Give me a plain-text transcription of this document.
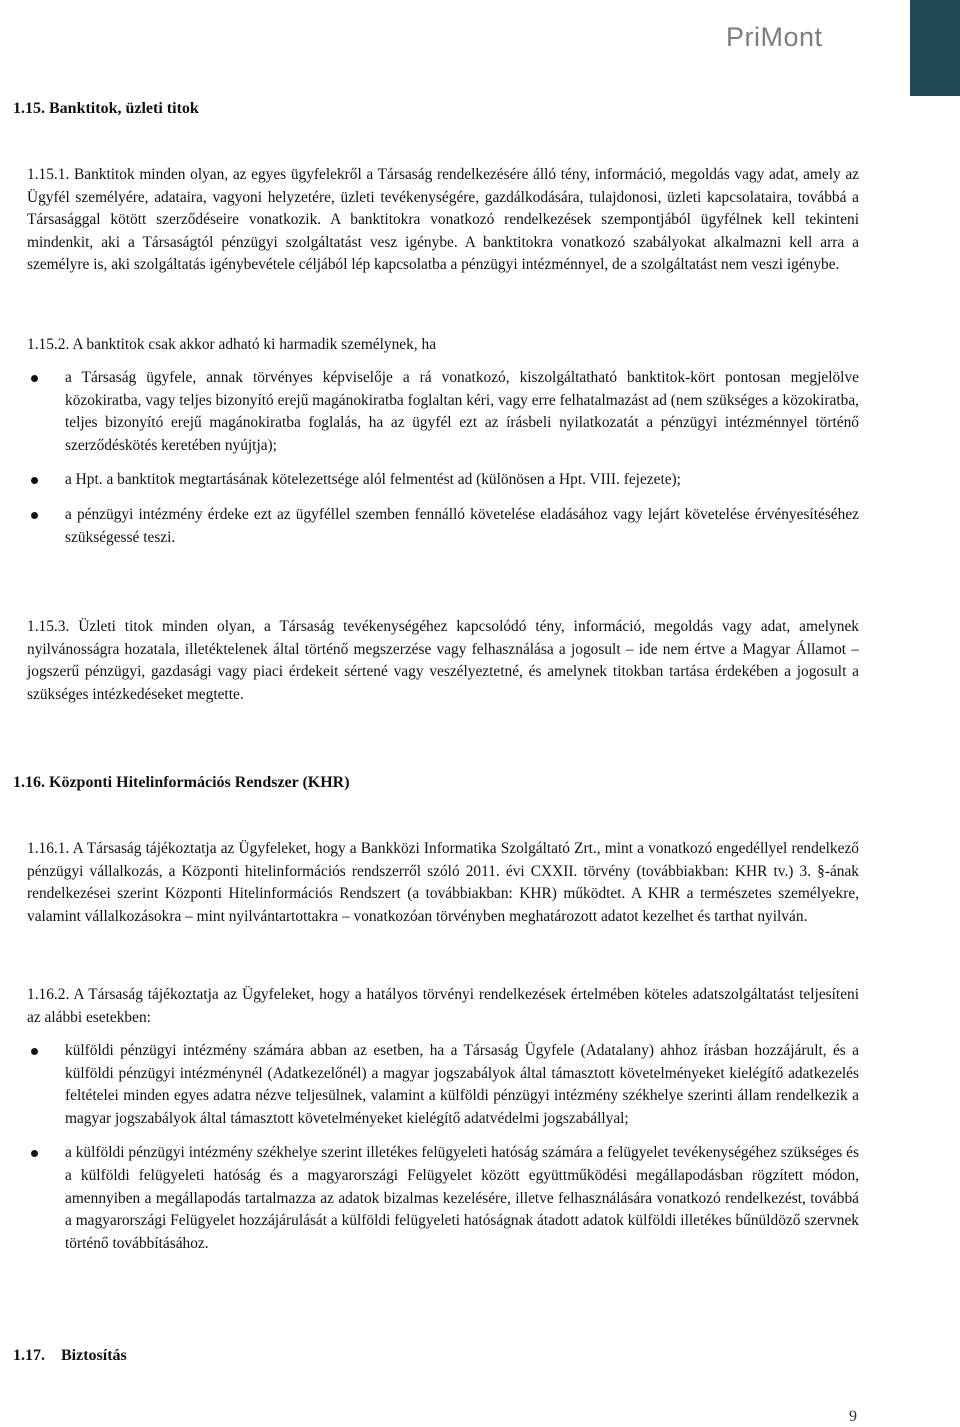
PriMont
1.15. Banktitok, üzleti titok

1.15.1. Banktitok minden olyan, az egyes ügyfelekről a Társaság rendelkezésére álló tény, információ, megoldás vagy adat, amely az Ügyfél személyére, adataira, vagyoni helyzetére, üzleti tevékenységére, gazdálkodására, tulajdonosi, üzleti kapcsolataira, továbbá a Társasággal kötött szerződéseire vonatkozik. A banktitokra vonatkozó rendelkezések szempontjából ügyfélnek kell tekinteni mindenkit, aki a Társaságtól pénzügyi szolgáltatást vesz igénybe. A banktitokra vonatkozó szabályokat alkalmazni kell arra a személyre is, aki szolgáltatás igénybevétele céljából lép kapcsolatba a pénzügyi intézménnyel, de a szolgáltatást nem veszi igénybe.

1.15.2. A banktitok csak akkor adható ki harmadik személynek, ha

a Társaság ügyfele, annak törvényes képviselője a rá vonatkozó, kiszolgáltatható banktitok-kört pontosan megjelölve közokiratba, vagy teljes bizonyító erejű magánokiratba foglaltan kéri, vagy erre felhatalmazást ad (nem szükséges a közokiratba, teljes bizonyító erejű magánokiratba foglalás, ha az ügyfél ezt az írásbeli nyilatkozatát a pénzügyi intézménnyel történő szerződéskötés keretében nyújtja);
a Hpt. a banktitok megtartásának kötelezettsége alól felmentést ad (különösen a Hpt. VIII. fejezete);
a pénzügyi intézmény érdeke ezt az ügyféllel szemben fennálló követelése eladásához vagy lejárt követelése érvényesítéséhez szükségessé teszi.

1.15.3. Üzleti titok minden olyan, a Társaság tevékenységéhez kapcsolódó tény, információ, megoldás vagy adat, amelynek nyilvánosságra hozatala, illetéktelenek által történő megszerzése vagy felhasználása a jogosult – ide nem értve a Magyar Államot – jogszerű pénzügyi, gazdasági vagy piaci érdekeit sértené vagy veszélyeztetné, és amelynek titokban tartása érdekében a jogosult a szükséges intézkedéseket megtette.

1.16. Központi Hitelinformációs Rendszer (KHR)

1.16.1. A Társaság tájékoztatja az Ügyfeleket, hogy a Bankközi Informatika Szolgáltató Zrt., mint a vonatkozó engedéllyel rendelkező pénzügyi vállalkozás, a Központi hitelinformációs rendszerről szóló 2011. évi CXXII. törvény (továbbiakban: KHR tv.) 3. §-ának rendelkezései szerint Központi Hitelinformációs Rendszert (a továbbiakban: KHR) működtet. A KHR a természetes személyekre, valamint vállalkozásokra – mint nyilvántartottakra – vonatkozóan törvényben meghatározott adatot kezelhet és tarthat nyilván.

1.16.2. A Társaság tájékoztatja az Ügyfeleket, hogy a hatályos törvényi rendelkezések értelmében köteles adatszolgáltatást teljesíteni az alábbi esetekben:

külföldi pénzügyi intézmény számára abban az esetben, ha a Társaság Ügyfele (Adatalany) ahhoz írásban hozzájárult, és a külföldi pénzügyi intézménynél (Adatkezelőnél) a magyar jogszabályok által támasztott követelményeket kielégítő adatkezelés feltételei minden egyes adatra nézve teljesülnek, valamint a külföldi pénzügyi intézmény székhelye szerinti állam rendelkezik a magyar jogszabályok által támasztott követelményeket kielégítő adatvédelmi jogszabállyal;
a külföldi pénzügyi intézmény székhelye szerint illetékes felügyeleti hatóság számára a felügyelet tevékenységéhez szükséges és a külföldi felügyeleti hatóság és a magyarországi Felügyelet között együttműködési megállapodásban rögzített módon, amennyiben a megállapodás tartalmazza az adatok bizalmas kezelésére, illetve felhasználására vonatkozó rendelkezést, továbbá a magyarországi Felügyelet hozzájárulását a külföldi felügyeleti hatóságnak átadott adatok külföldi illetékes bűnüldöző szervnek történő továbbításához.
1.17.    Biztosítás
9
